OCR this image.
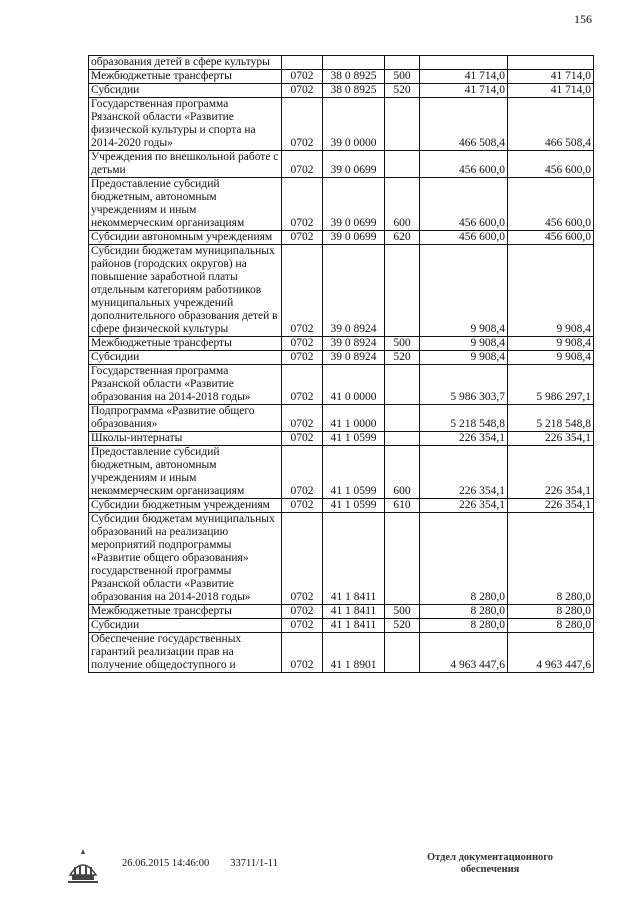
156
образования детей в сфере культуры					
Межбюджетные трансферты	0702	38 0 8925	500	41 714,0	41 714,0
Субсидии	0702	38 0 8925	520	41 714,0	41 714,0
Государственная программа Рязанской области «Развитие физической культуры и спорта на 2014-2020 годы»	0702	39 0 0000		466 508,4	466 508,4
Учреждения по внешкольной работе с детьми	0702	39 0 0699		456 600,0	456 600,0
Предоставление субсидий бюджетным, автономным учреждениям и иным некоммерческим организациям	0702	39 0 0699	600	456 600,0	456 600,0
Субсидии автономным учреждениям	0702	39 0 0699	620	456 600,0	456 600,0
Субсидии бюджетам муниципальных районов (городских округов) на повышение заработной платы отдельным категориям работников муниципальных учреждений дополнительного образования детей в сфере физической культуры	0702	39 0 8924		9 908,4	9 908,4
Межбюджетные трансферты	0702	39 0 8924	500	9 908,4	9 908,4
Субсидии	0702	39 0 8924	520	9 908,4	9 908,4
Государственная программа Рязанской области «Развитие образования на 2014-2018 годы»	0702	41 0 0000		5 986 303,7	5 986 297,1
Подпрограмма «Развитие общего образования»	0702	41 1 0000		5 218 548,8	5 218 548,8
Школы-интернаты	0702	41 1 0599		226 354,1	226 354,1
Предоставление субсидий бюджетным, автономным учреждениям и иным некоммерческим организациям	0702	41 1 0599	600	226 354,1	226 354,1
Субсидии бюджетным учреждениям	0702	41 1 0599	610	226 354,1	226 354,1
Субсидии бюджетам муниципальных образований на реализацию мероприятий подпрограммы «Развитие общего образования» государственной программы Рязанской области «Развитие образования на 2014-2018 годы»	0702	41 1 8411		8 280,0	8 280,0
Межбюджетные трансферты	0702	41 1 8411	500	8 280,0	8 280,0
Субсидии	0702	41 1 8411	520	8 280,0	8 280,0
Обеспечение государственных гарантий реализации прав на получение общедоступного и	0702	41 1 8901		4 963 447,6	4 963 447,6
26.06.2015 14:46:00 33711/1-11
Отдел документационного
обеспечения
